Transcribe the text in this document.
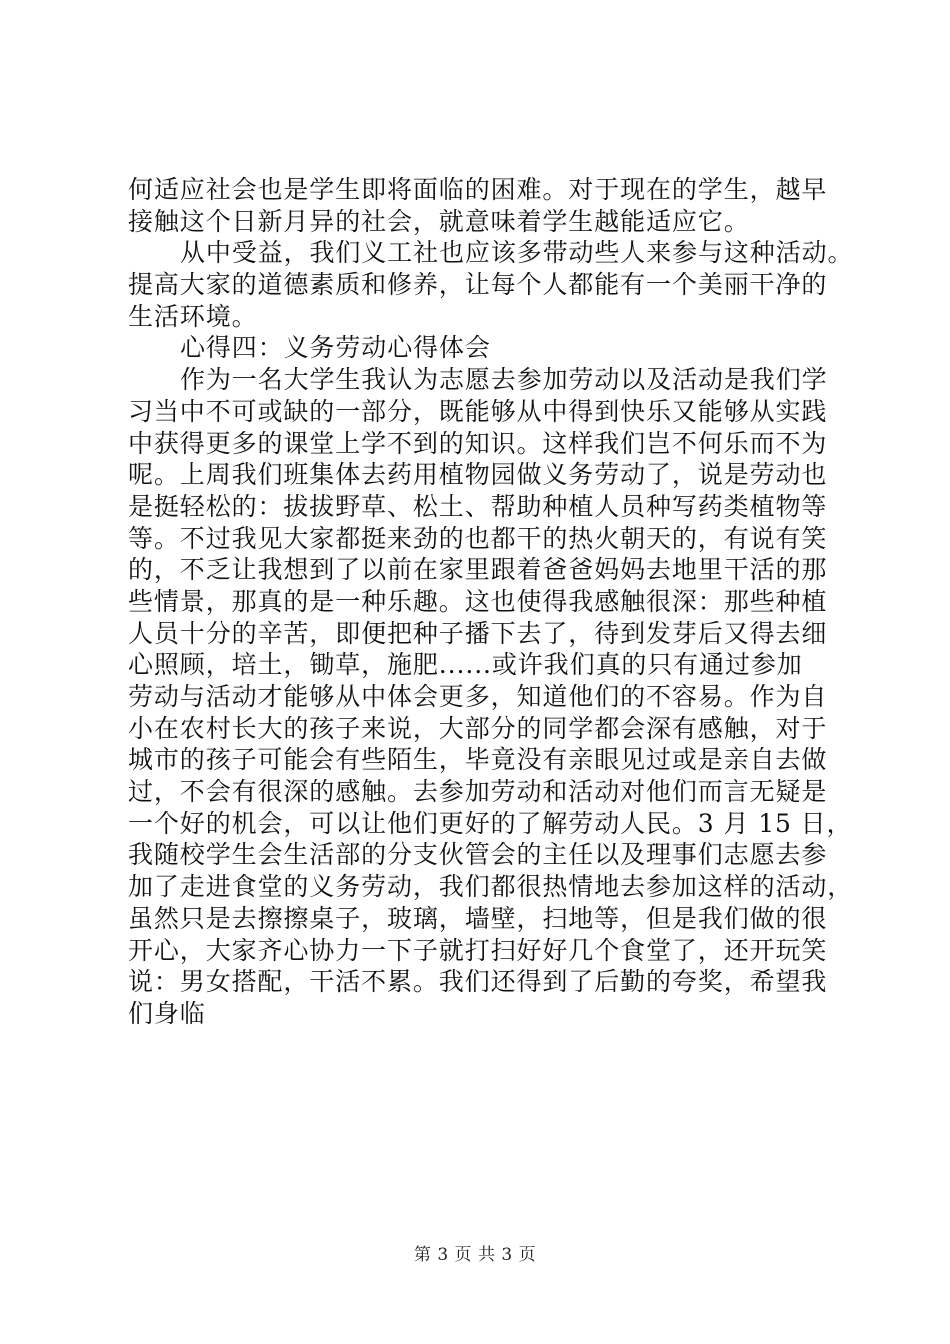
何适应社会也是学生即将面临的困难。对于现在的学生，越早
接触这个日新月异的社会，就意味着学生越能适应它。
从中受益，我们义工社也应该多带动些人来参与这种活动。
提高大家的道德素质和修养，让每个人都能有一个美丽干净的
生活环境。
心得四：义务劳动心得体会
作为一名大学生我认为志愿去参加劳动以及活动是我们学
习当中不可或缺的一部分，既能够从中得到快乐又能够从实践
中获得更多的课堂上学不到的知识。这样我们岂不何乐而不为
呢。上周我们班集体去药用植物园做义务劳动了，说是劳动也
是挺轻松的：拔拔野草、松土、帮助种植人员种写药类植物等
等。不过我见大家都挺来劲的也都干的热火朝天的，有说有笑
的，不乏让我想到了以前在家里跟着爸爸妈妈去地里干活的那
些情景，那真的是一种乐趣。这也使得我感触很深：那些种植
人员十分的辛苦，即便把种子播下去了，待到发芽后又得去细
心照顾，培土，锄草，施肥......或许我们真的只有通过参加
劳动与活动才能够从中体会更多，知道他们的不容易。作为自
小在农村长大的孩子来说，大部分的同学都会深有感触，对于
城市的孩子可能会有些陌生，毕竟没有亲眼见过或是亲自去做
过，不会有很深的感触。去参加劳动和活动对他们而言无疑是
一个好的机会，可以让他们更好的了解劳动人民。3 月 15 日，
我随校学生会生活部的分支伙管会的主任以及理事们志愿去参
加了走进食堂的义务劳动，我们都很热情地去参加这样的活动，
虽然只是去擦擦桌子，玻璃，墙壁，扫地等，但是我们做的很
开心，大家齐心协力一下子就打扫好好几个食堂了，还开玩笑
说：男女搭配，干活不累。我们还得到了后勤的夸奖，希望我
们身临
第 3 页 共 3 页
